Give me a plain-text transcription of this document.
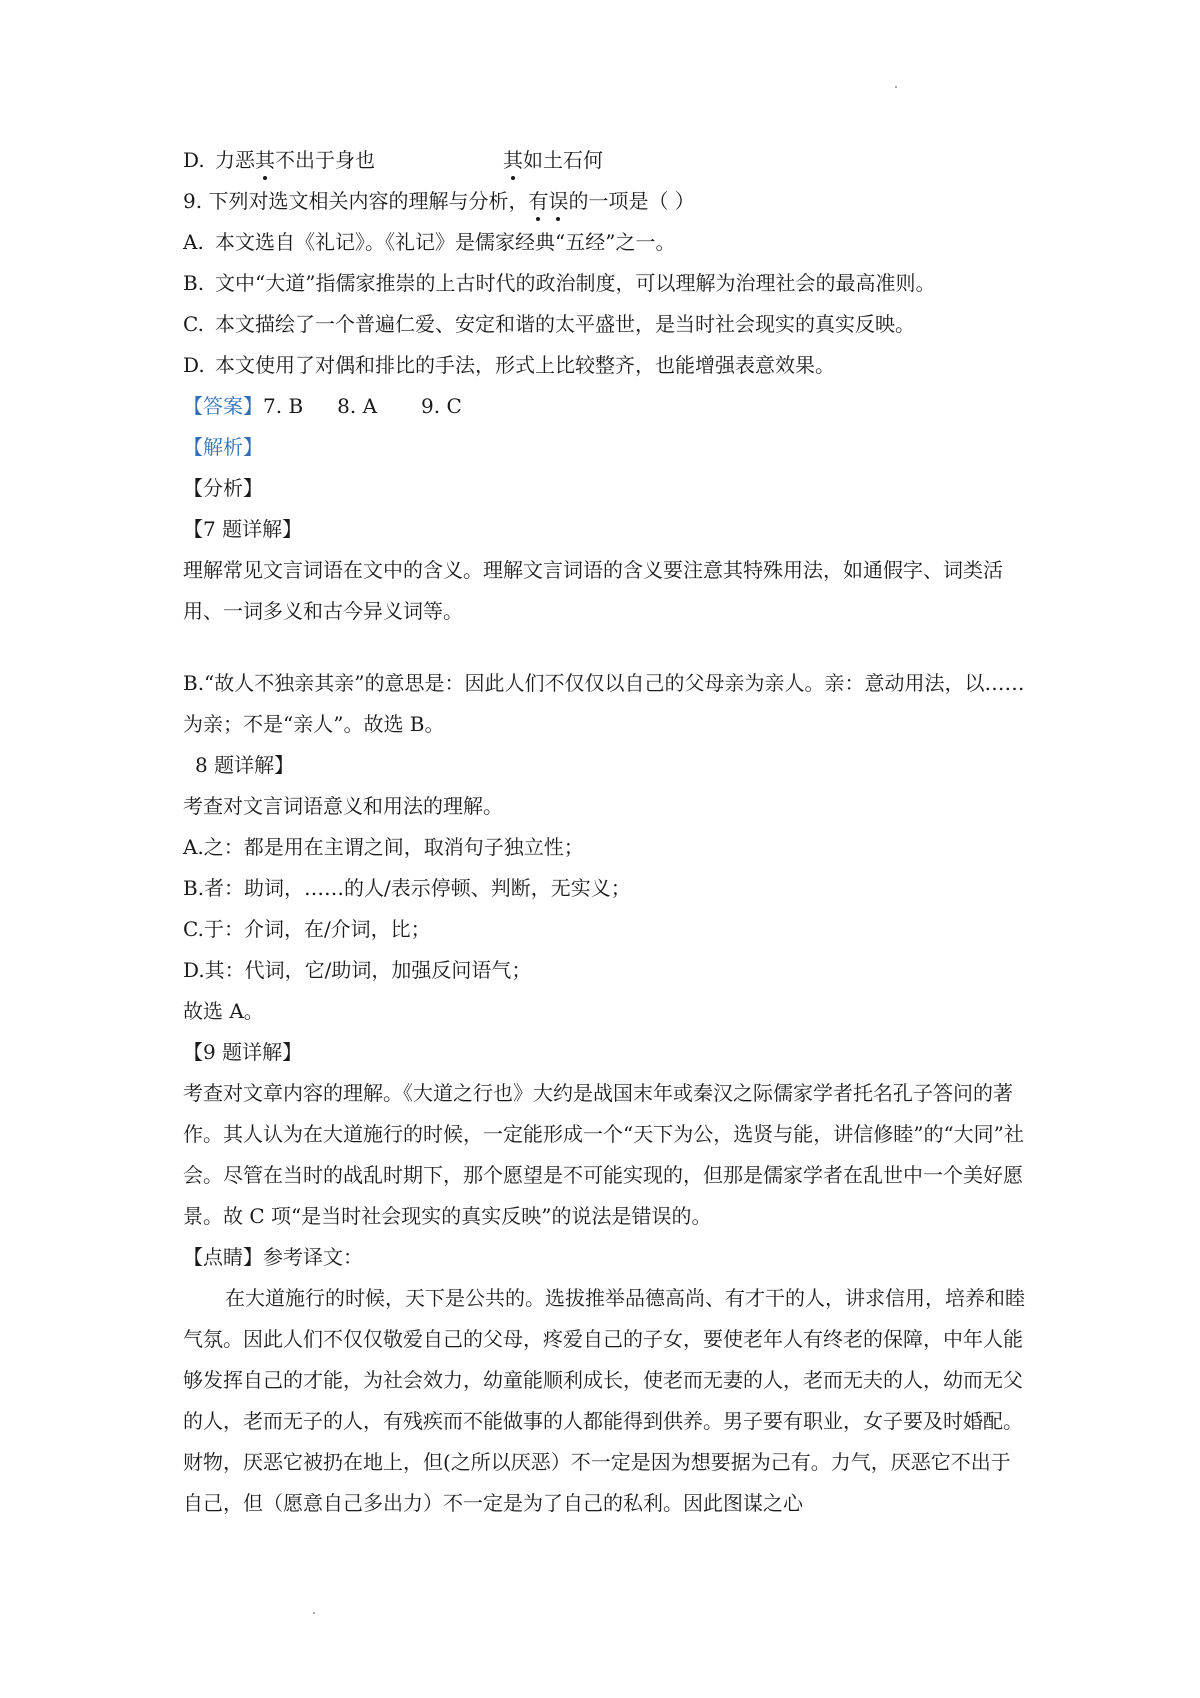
D. 力恶其不出于身也	其如土石何
9. 下列对选文相关内容的理解与分析，有误的一项是（ ）
A. 本文选自《礼记》。《礼记》是儒家经典“五经”之一。
B. 文中“大道”指儒家推崇的上古时代的政治制度，可以理解为治理社会的最高准则。
C. 本文描绘了一个普遍仁爱、安定和谐的太平盛世，是当时社会现实的真实反映。
D. 本文使用了对偶和排比的手法，形式上比较整齐，也能增强表意效果。
【答案】7. B 8. A 9. C
【解析】
【分析】
【7 题详解】
理解常见文言词语在文中的含义。理解文言词语的含义要注意其特殊用法，如通假字、词类活用、一词多义和古今异义词等。
B.“故人不独亲其亲”的意思是：因此人们不仅仅以自己的父母亲为亲人。亲：意动用法，以……为亲；不是“亲人”。故选 B。
8 题详解】
考查对文言词语意义和用法的理解。
A.之：都是用在主谓之间，取消句子独立性；
B.者：助词，……的人/表示停顿、判断，无实义；
C.于：介词，在/介词，比；
D.其：代词，它/助词，加强反问语气；
故选 A。
【9 题详解】
考查对文章内容的理解。《大道之行也》大约是战国末年或秦汉之际儒家学者托名孔子答问的著作。其人认为在大道施行的时候，一定能形成一个“天下为公，选贤与能，讲信修睦”的“大同”社会。尽管在当时的战乱时期下，那个愿望是不可能实现的，但那是儒家学者在乱世中一个美好愿景。故 C 项“是当时社会现实的真实反映”的说法是错误的。
【点睛】参考译文：
在大道施行的时候，天下是公共的。选拔推举品德高尚、有才干的人，讲求信用，培养和睦气氛。因此人们不仅仅敬爱自己的父母，疼爱自己的子女，要使老年人有终老的保障，中年人能够发挥自己的才能，为社会效力，幼童能顺利成长，使老而无妻的人，老而无夫的人，幼而无父的人，老而无子的人，有残疾而不能做事的人都能得到供养。男子要有职业，女子要及时婚配。财物，厌恶它被扔在地上，但(之所以厌恶）不一定是因为想要据为己有。力气，厌恶它不出于自己，但（愿意自己多出力）不一定是为了自己的私利。因此图谋之心
